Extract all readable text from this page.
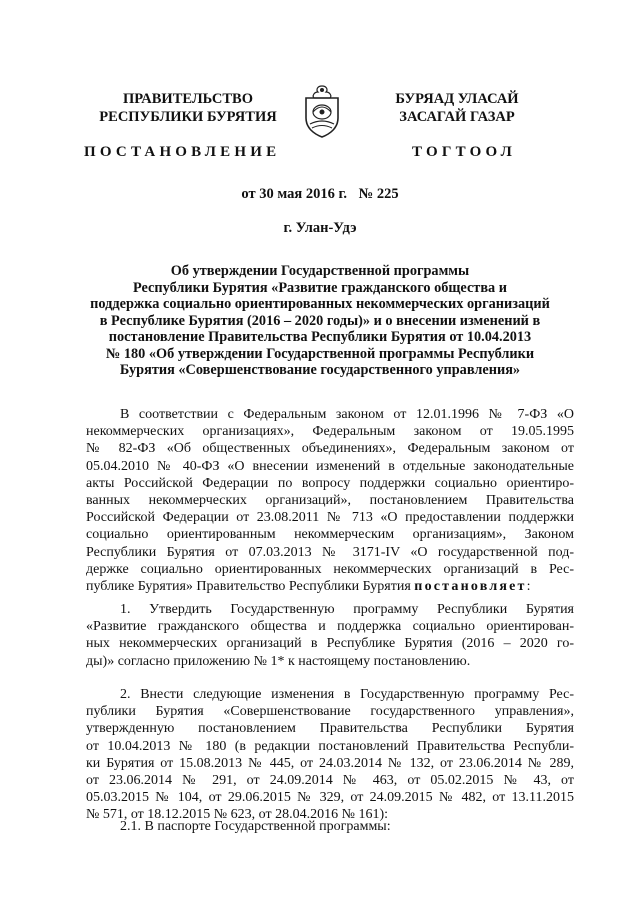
ПРАВИТЕЛЬСТВО
РЕСПУБЛИКИ БУРЯТИЯ
БУРЯАД УЛАСАЙ
ЗАСАГАЙ ГАЗАР
ПОСТАНОВЛЕНИЕ	ТОГТООЛ
от 30 мая 2016 г. № 225
г. Улан-Удэ
Об утверждении Государственной программы
Республики Бурятия «Развитие гражданского общества и
поддержка социально ориентированных некоммерческих организаций
в Республике Бурятия (2016 – 2020 годы)» и о внесении изменений в
постановление Правительства Республики Бурятия от 10.04.2013
№ 180 «Об утверждении Государственной программы Республики
Бурятия «Совершенствование государственного управления»
В соответствии с Федеральным законом от 12.01.1996 № 7-ФЗ «О
некоммерческих организациях», Федеральным законом от 19.05.1995
№ 82-ФЗ «Об общественных объединениях», Федеральным законом от
05.04.2010 № 40-ФЗ «О внесении изменений в отдельные законодательные
акты Российской Федерации по вопросу поддержки социально ориентиро-
ванных некоммерческих организаций», постановлением Правительства
Российской Федерации от 23.08.2011 № 713 «О предоставлении поддержки
социально ориентированным некоммерческим организациям», Законом
Республики Бурятия от 07.03.2013 № 3171-IV «О государственной под-
держке социально ориентированных некоммерческих организаций в Рес-
публике Бурятия» Правительство Республики Бурятия постановляет:
1. Утвердить Государственную программу Республики Бурятия
«Развитие гражданского общества и поддержка социально ориентирован-
ных некоммерческих организаций в Республике Бурятия (2016 – 2020 го-
ды)» согласно приложению № 1* к настоящему постановлению.
2. Внести следующие изменения в Государственную программу Рес-
публики Бурятия «Совершенствование государственного управления»,
утвержденную постановлением Правительства Республики Бурятия
от 10.04.2013 № 180 (в редакции постановлений Правительства Республи-
ки Бурятия от 15.08.2013 № 445, от 24.03.2014 № 132, от 23.06.2014 № 289,
от 23.06.2014 № 291, от 24.09.2014 № 463, от 05.02.2015 № 43, от
05.03.2015 № 104, от 29.06.2015 № 329, от 24.09.2015 № 482, от 13.11.2015
№ 571, от 18.12.2015 № 623, от 28.04.2016 № 161):
2.1. В паспорте Государственной программы:
